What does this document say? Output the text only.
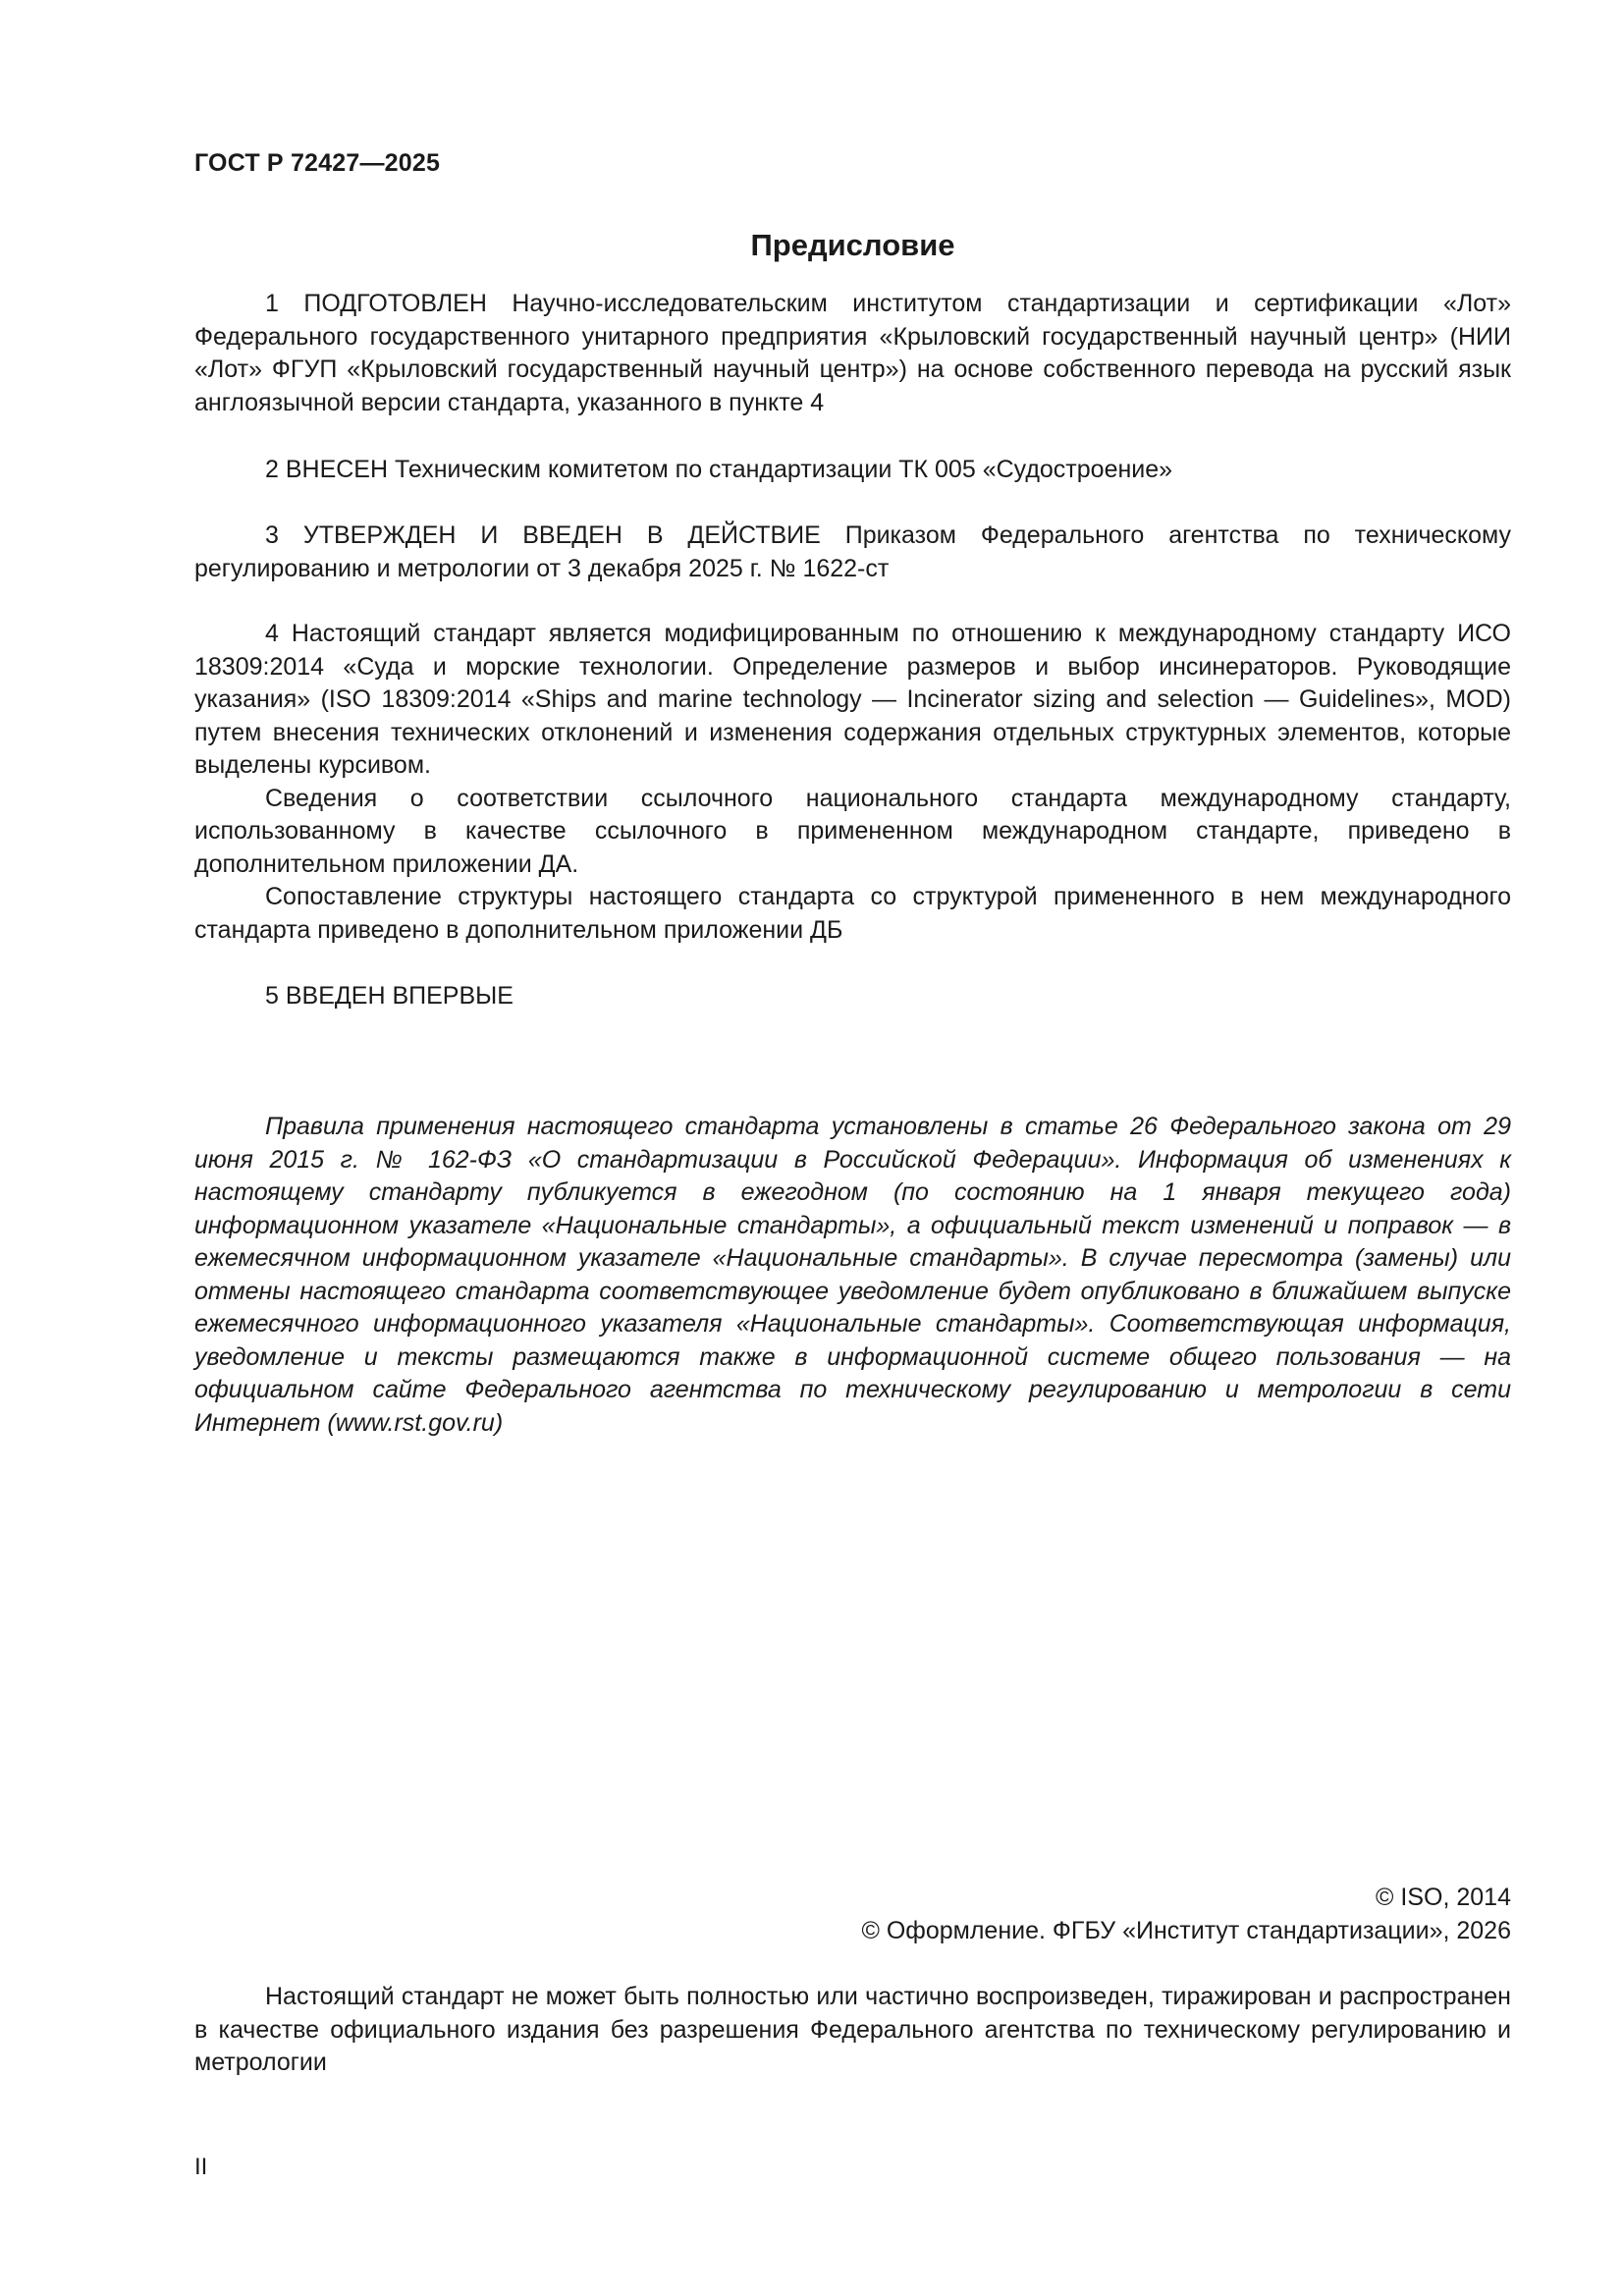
ГОСТ Р 72427—2025
Предисловие

1 ПОДГОТОВЛЕН Научно-исследовательским институтом стандартизации и сертификации «Лот» Федерального государственного унитарного предприятия «Крыловский государственный научный центр» (НИИ «Лот» ФГУП «Крыловский государственный научный центр») на основе собственного перевода на русский язык англоязычной версии стандарта, указанного в пункте 4

2 ВНЕСЕН Техническим комитетом по стандартизации ТК 005 «Судостроение»

3 УТВЕРЖДЕН И ВВЕДЕН В ДЕЙСТВИЕ Приказом Федерального агентства по техническому регулированию и метрологии от 3 декабря 2025 г. № 1622-ст

4 Настоящий стандарт является модифицированным по отношению к международному стандарту ИСО 18309:2014 «Суда и морские технологии. Определение размеров и выбор инсинераторов. Руководящие указания» (ISO 18309:2014 «Ships and marine technology — Incinerator sizing and selection — Guidelines», MOD) путем внесения технических отклонений и изменения содержания отдельных структурных элементов, которые выделены курсивом.

Сведения о соответствии ссылочного национального стандарта международному стандарту, использованному в качестве ссылочного в примененном международном стандарте, приведено в дополнительном приложении ДА.

Сопоставление структуры настоящего стандарта со структурой примененного в нем международного стандарта приведено в дополнительном приложении ДБ

5 ВВЕДЕН ВПЕРВЫЕ

Правила применения настоящего стандарта установлены в статье 26 Федерального закона от 29 июня 2015 г. № 162-ФЗ «О стандартизации в Российской Федерации». Информация об изменениях к настоящему стандарту публикуется в ежегодном (по состоянию на 1 января текущего года) информационном указателе «Национальные стандарты», а официальный текст изменений и поправок — в ежемесячном информационном указателе «Национальные стандарты». В случае пересмотра (замены) или отмены настоящего стандарта соответствующее уведомление будет опубликовано в ближайшем выпуске ежемесячного информационного указателя «Национальные стандарты». Соответствующая информация, уведомление и тексты размещаются также в информационной системе общего пользования — на официальном сайте Федерального агентства по техническому регулированию и метрологии в сети Интернет (www.rst.gov.ru)

© ISO, 2014
© Оформление. ФГБУ «Институт стандартизации», 2026

Настоящий стандарт не может быть полностью или частично воспроизведен, тиражирован и распространен в качестве официального издания без разрешения Федерального агентства по техническому регулированию и метрологии

II
